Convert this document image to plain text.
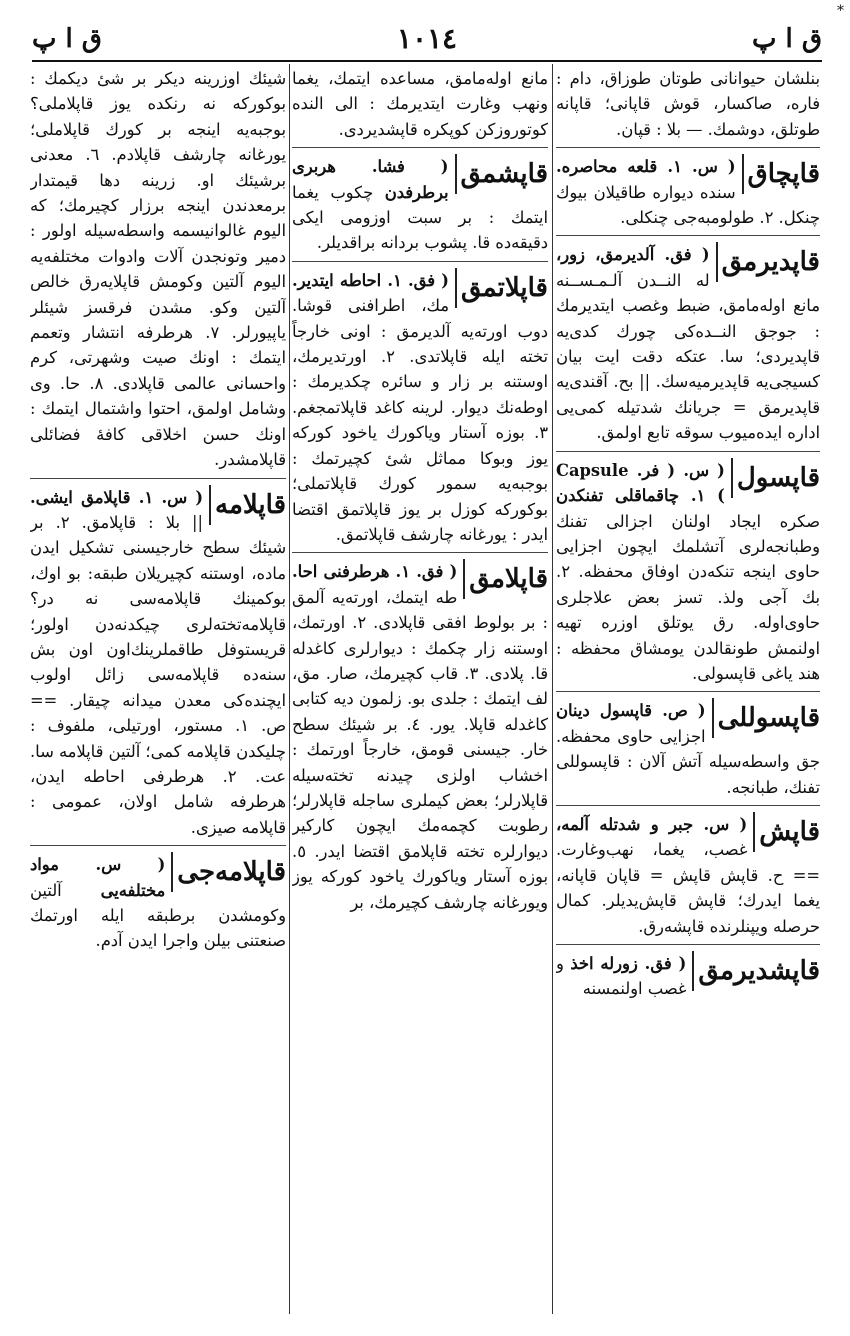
*
ق ا پ
١٠١٤
ق ا پ
بنلشان حیوانانی طوتان طوزاق، دام : فاره، صاکسار، قوش قاپانی؛ قاپانه طوتلق، دوشمك. — بلا : قپان.
قاپچاق
( س. ١. قلعه محاصره. سنده دیواره طاقیلان بیوك چنکل. ٢. طولومبه‌جی چنکلی.
قاپدیرمق
( فق. آلدیرمق، زور، له النــدن آلـمـســنه مانع اوله‌مامق، ضبط وغصب ایتدیرمك : جوجق النــده‌کی چورك کدی‌یه قاپدیردی؛ سا. عتکه دقت ایت بیان کسیجی‌یه قاپدیرمیه‌سك. || بح. آقندی‌یه قاپدیرمق = جریانك شدتیله کمی‌یی اداره ایده‌میوب سوقه تابع اولمق.
قاپسول
( س. ( فر. Capsule ) ١. چاقماقلی تفنکدن صکره ایجاد اولنان اجزالی تفنك وطبانجه‌لری آتشلمك ایچون اجزایی حاوی اینجه تنکه‌دن اوفاق محفظه. ٢. بك آجی ولذ. تسز بعض علاجلری حاوی‌اوله. رق یوتلق اوزره تهیه اولنمش طونقالدن یومشاق محفظه : هند یاغی قاپسولی.
قاپسوللی
( ص. قاپسول دینان اجزایی حاوی محفظه. جق واسطه‌سیله آتش آلان : قاپسوللی تفنك، طبانجه.
قاپش
( س. جبر و شدتله آلمه، غصب، یغما، نهب‌وغارت. == ح. قاپش قاپش = قاپان قاپانه، یغما ایدرك؛ قاپش قاپش‌یدیلر. کمال حرصله ویپنلرنده قاپشه‌رق.
قاپشدیرمق
( فق. زورله اخذ و غصب اولنمسنه
مانع اوله‌مامق، مساعده ایتمك، یغما ونهب وغارت ایتدیرمك : الی النده کوتوروزکن کوپکره قاپشدیردی.
قاپشمق
( فشا. هربری برطرفدن چکوب یغما ایتمك : بر سبت اوزومی ایکی دقیقه‌ده قا. پشوب بردانه براقدیلر.
قاپلاتمق
( فق. ١. احاطه ایتدیر. مك، اطرافنی قوشا. دوب اورته‌یه آلدیرمق : اونی خارجاً تخته ایله قاپلاتدی. ٢. اورتدیرمك، اوستنه بر زار و سائره چکدیرمك : اوطه‌نك دیوار. لرینه کاغد قاپلاتمجغم. ٣. بوزه آستار ویاکورك یاخود کورکه یوز وبوکا مماثل شی‌ٔ کچیرتمك : بوجبه‌یه سمور کورك قاپلاتملی؛ بوکورکه کوزل بر یوز قاپلاتمق اقتضا ایدر : یورغانه چارشف قاپلاتمق.
قاپلامق
( فق. ١. هرطرفنی احا. طه ایتمك، اورته‌یه آلمق : بر بولوط افقی قاپلادی. ٢. اورتمك، اوستنه زار چکمك : دیوارلری کاغدله قا. پلادی. ٣. قاب کچیرمك، صار. مق، لف ایتمك : جلدی بو. زلمون دیه کتابی کاغدله قاپلا. یور. ٤. بر شیئك سطح خار. جیسنی قومق، خارجاً اورتمك : اخشاب اولزی چیدنه تخته‌سیله قاپلارلر؛ بعض کیملری ساجله قاپلارلر؛ رطوبت کچمه‌مك ایچون کارکیر دیوارلره تخته قاپلامق اقتضا ایدر. ٥. بوزه آستار ویاکورك یاخود کورکه یوز ویورغانه چارشف کچیرمك، بر
شیئك اوزرینه دیکر بر شی‌ٔ دیکمك : بوکورکه نه رنکده یوز قاپلاملی؟ بوجبه‌یه اینجه بر کورك قاپلاملی؛ یورغانه چارشف قاپلادم. ٦. معدنی برشیئك او. زرینه دها قیمتدار برمعدندن اینجه برزار کچیرمك؛ که الیوم غالوانیسمه واسطه‌سیله اولور : دمیر وتونجدن آلات وادوات مختلفه‌یه الیوم آلتین وکومش قاپلایه‌رق خالص آلتین وکو. مشدن فرقسز شیئلر یاپیورلر. ٧. هرطرفه انتشار وتعمم ایتمك : اونك صیت وشهرتی، کرم واحسانی عالمی قاپلادی. ٨. حا. وی وشامل اولمق، احتوا واشتمال ایتمك : اونك حسن اخلاقی کافهٔ فضائلی قاپلامشدر.
قاپلامه
( س. ١. قاپلامق ایشی. || بلا : قاپلامق. ٢. بر شیئك سطح خارجیسنی تشکیل ایدن ماده، اوستنه کچیریلان طبقه: بو اوك، بوکمینك قاپلامه‌سی نه در؟ قاپلامه‌تخته‌لری چیکدنه‌دن اولور؛ قریستوفل طاقملرینك‌اون اون بش سنه‌ده قاپلامه‌سی زائل اولوب ایچنده‌کی معدن میدانه چیقار. == ص. ١. مستور، اورتیلی، ملفوف : چلیکدن قاپلامه کمی؛ آلتین قاپلامه سا. عت. ٢. هرطرفی احاطه ایدن، هرطرفه شامل اولان، عمومی : قاپلامه صیزی.
قاپلامه‌جی
( س. مواد مختلفه‌یی آلتین وکومشدن برطبقه ایله اورتمك صنعتنی بیلن واجرا ایدن آدم.
